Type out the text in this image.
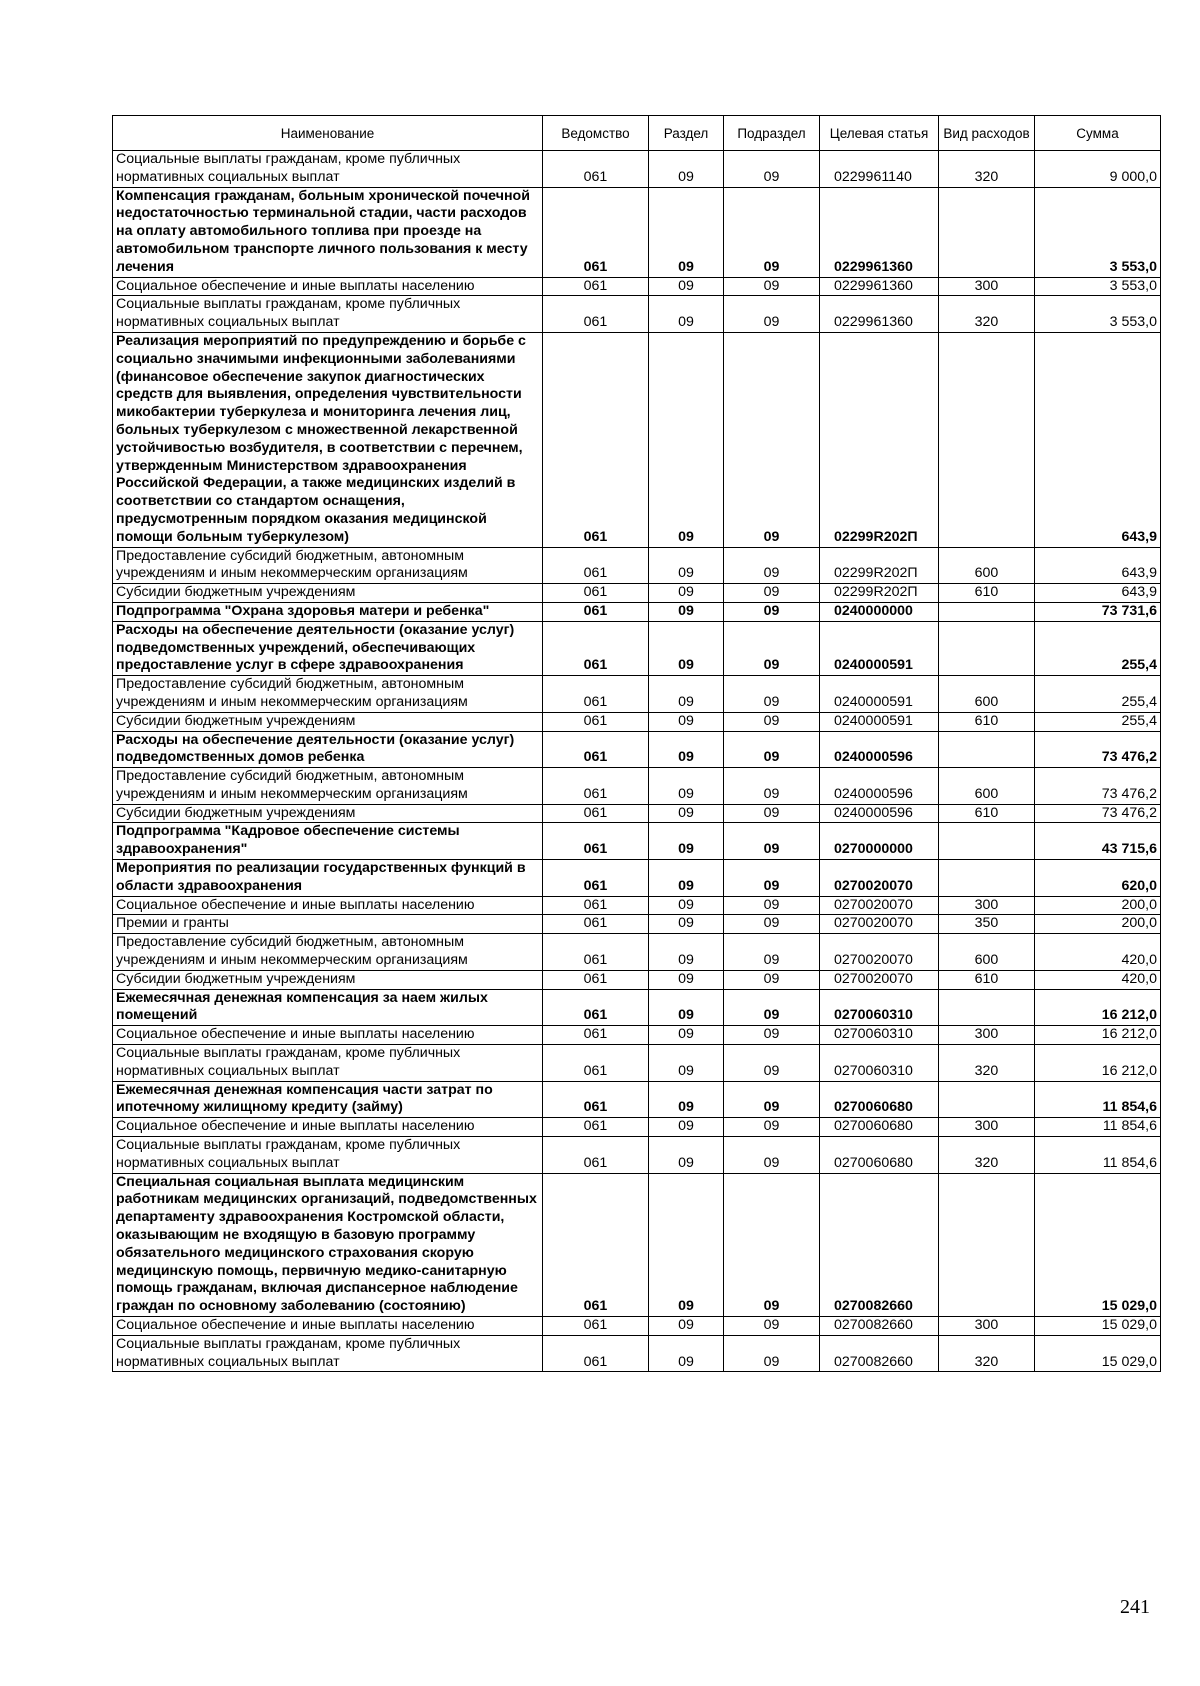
Наименование	Ведомство	Раздел	Подраздел	Целевая статья	Вид расходов	Сумма
Социальные выплаты гражданам, кроме публичных нормативных социальных выплат	061	09	09	0229961140	320	9 000,0
Компенсация гражданам, больным хронической почечной недостаточностью терминальной стадии, части расходов на оплату автомобильного топлива при проезде на автомобильном транспорте личного пользования к месту лечения	061	09	09	0229961360		3 553,0
Социальное обеспечение и иные выплаты населению	061	09	09	0229961360	300	3 553,0
Социальные выплаты гражданам, кроме публичных нормативных социальных выплат	061	09	09	0229961360	320	3 553,0
Реализация мероприятий по предупреждению и борьбе с социально значимыми инфекционными заболеваниями (финансовое обеспечение закупок диагностических средств для выявления, определения чувствительности микобактерии туберкулеза и мониторинга лечения лиц, больных туберкулезом с множественной лекарственной устойчивостью возбудителя, в соответствии с перечнем, утвержденным Министерством здравоохранения Российской Федерации, а также медицинских изделий в соответствии со стандартом оснащения, предусмотренным порядком оказания медицинской помощи больным туберкулезом)	061	09	09	02299R202П		643,9
Предоставление субсидий бюджетным, автономным учреждениям и иным некоммерческим организациям	061	09	09	02299R202П	600	643,9
Субсидии бюджетным учреждениям	061	09	09	02299R202П	610	643,9
Подпрограмма "Охрана здоровья матери и ребенка"	061	09	09	0240000000		73 731,6
Расходы на обеспечение деятельности (оказание услуг) подведомственных учреждений, обеспечивающих предоставление услуг в сфере здравоохранения	061	09	09	0240000591		255,4
Предоставление субсидий бюджетным, автономным учреждениям и иным некоммерческим организациям	061	09	09	0240000591	600	255,4
Субсидии бюджетным учреждениям	061	09	09	0240000591	610	255,4
Расходы на обеспечение деятельности (оказание услуг) подведомственных домов ребенка	061	09	09	0240000596		73 476,2
Предоставление субсидий бюджетным, автономным учреждениям и иным некоммерческим организациям	061	09	09	0240000596	600	73 476,2
Субсидии бюджетным учреждениям	061	09	09	0240000596	610	73 476,2
Подпрограмма "Кадровое обеспечение системы здравоохранения"	061	09	09	0270000000		43 715,6
Мероприятия по реализации государственных функций в области здравоохранения	061	09	09	0270020070		620,0
Социальное обеспечение и иные выплаты населению	061	09	09	0270020070	300	200,0
Премии и гранты	061	09	09	0270020070	350	200,0
Предоставление субсидий бюджетным, автономным учреждениям и иным некоммерческим организациям	061	09	09	0270020070	600	420,0
Субсидии бюджетным учреждениям	061	09	09	0270020070	610	420,0
Ежемесячная денежная компенсация за наем жилых помещений	061	09	09	0270060310		16 212,0
Социальное обеспечение и иные выплаты населению	061	09	09	0270060310	300	16 212,0
Социальные выплаты гражданам, кроме публичных нормативных социальных выплат	061	09	09	0270060310	320	16 212,0
Ежемесячная денежная компенсация части затрат по ипотечному жилищному кредиту (займу)	061	09	09	0270060680		11 854,6
Социальное обеспечение и иные выплаты населению	061	09	09	0270060680	300	11 854,6
Социальные выплаты гражданам, кроме публичных нормативных социальных выплат	061	09	09	0270060680	320	11 854,6
Специальная социальная выплата медицинским работникам медицинских организаций, подведомственных департаменту здравоохранения Костромской области, оказывающим не входящую в базовую программу обязательного медицинского страхования скорую медицинскую помощь, первичную медико-санитарную помощь гражданам, включая диспансерное наблюдение граждан по основному заболеванию (состоянию)	061	09	09	0270082660		15 029,0
Социальное обеспечение и иные выплаты населению	061	09	09	0270082660	300	15 029,0
Социальные выплаты гражданам, кроме публичных нормативных социальных выплат	061	09	09	0270082660	320	15 029,0
241
